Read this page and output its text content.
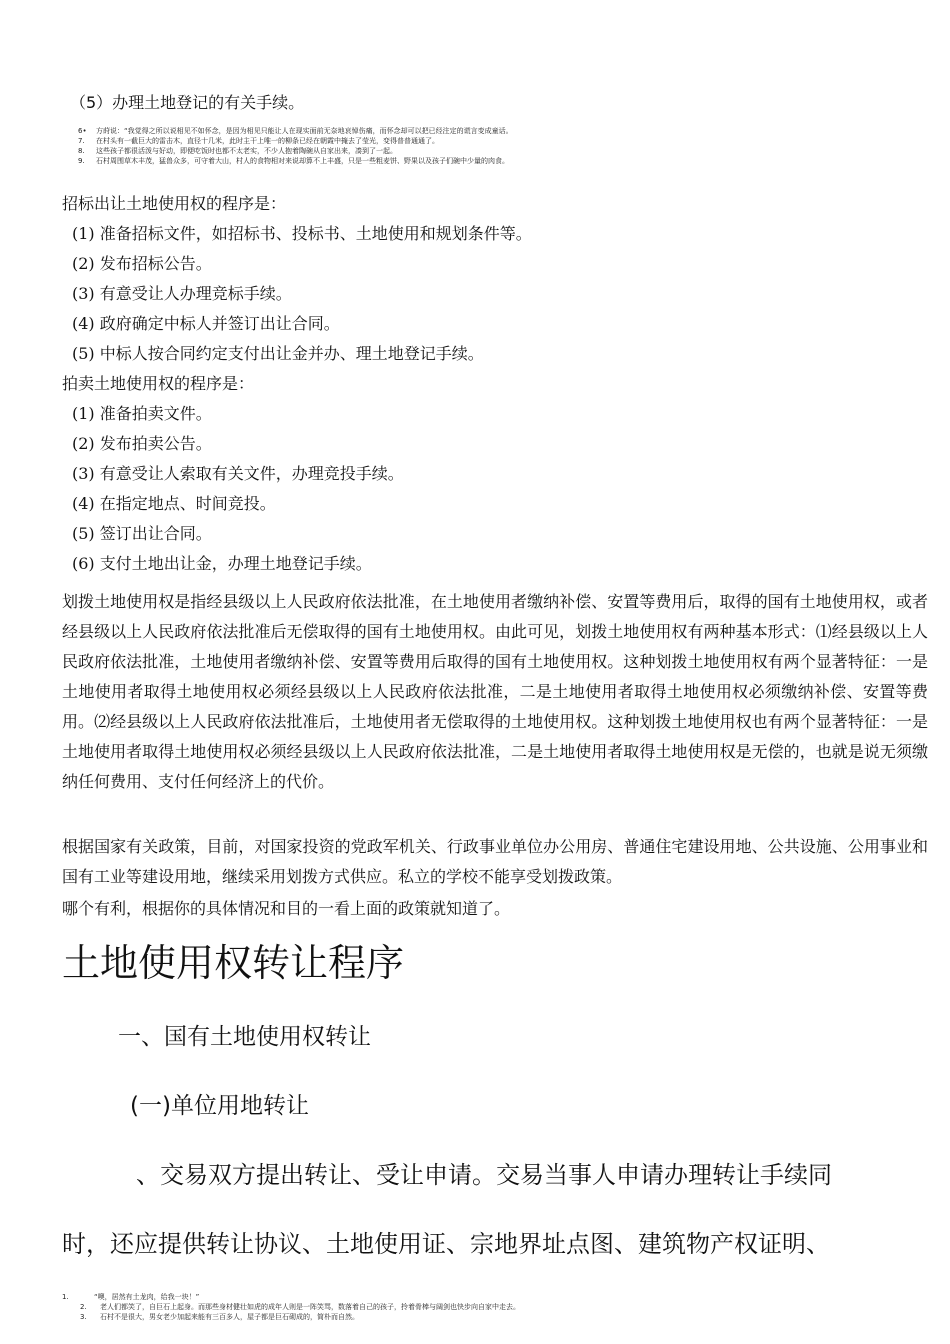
（5）办理土地登记的有关手续。
6•	方莳说：“我觉得之所以说相见不如怀念，是因为相见只能让人在现实面前无奈地哀悼伤痛，而怀念却可以把已经注定的谎言变成童话。
7.	在村头有一截巨大的雷击木，直径十几米，此时主干上唯一的柳条已经在朝霞中掩去了莹光，变得普普通通了。
8.	这些孩子都很活泼与好动，即便吃饭时也都不太老实，不少人抱着陶碗从自家出来，凑到了一起。
9.	石村周围草木丰茂，猛兽众多，可守着大山，村人的食物相对来说却算不上丰盛，只是一些粗麦饼、野果以及孩子们碗中少量的肉食。
招标出让土地使用权的程序是：
(1) 准备招标文件，如招标书、投标书、土地使用和规划条件等。
(2) 发布招标公告。
(3) 有意受让人办理竞标手续。
(4) 政府确定中标人并签订出让合同。
(5) 中标人按合同约定支付出让金并办、理土地登记手续。
拍卖土地使用权的程序是：
(1) 准备拍卖文件。
(2) 发布拍卖公告。
(3) 有意受让人索取有关文件，办理竞投手续。
(4) 在指定地点、时间竞投。
(5) 签订出让合同。
(6) 支付土地出让金，办理土地登记手续。
划拨土地使用权是指经县级以上人民政府依法批准，在土地使用者缴纳补偿、安置等费用后，取得的国有土地使用权，或者经县级以上人民政府依法批准后无偿取得的国有土地使用权。由此可见，划拨土地使用权有两种基本形式：⑴经县级以上人民政府依法批准，土地使用者缴纳补偿、安置等费用后取得的国有土地使用权。这种划拨土地使用权有两个显著特征：一是土地使用者取得土地使用权必须经县级以上人民政府依法批准，二是土地使用者取得土地使用权必须缴纳补偿、安置等费用。⑵经县级以上人民政府依法批准后，土地使用者无偿取得的土地使用权。这种划拨土地使用权也有两个显著特征：一是土地使用者取得土地使用权必须经县级以上人民政府依法批准，二是土地使用者取得土地使用权是无偿的，也就是说无须缴纳任何费用、支付任何经济上的代价。
根据国家有关政策，目前，对国家投资的党政军机关、行政事业单位办公用房、普通住宅建设用地、公共设施、公用事业和国有工业等建设用地，继续采用划拨方式供应。私立的学校不能享受划拨政策。
哪个有利，根据你的具体情况和目的一看上面的政策就知道了。
土地使用权转让程序
一、国有土地使用权转让
(一)单位用地转让
、交易双方提出转让、受让申请。交易当事人申请办理转让手续同
时，还应提供转让协议、土地使用证、宗地界址点图、建筑物产权证明、
1.	“噢，居然有土龙肉，给我一块！”
2.	老人们都笑了，自巨石上起身。而那些身材健壮如虎的成年人则是一阵笑骂，数落着自己的孩子，拎着骨棒与阔剑也快步向自家中走去。
3.	石村不是很大，男女老少加起来能有三百多人，屋子都是巨石砌成的，简朴而自然。
